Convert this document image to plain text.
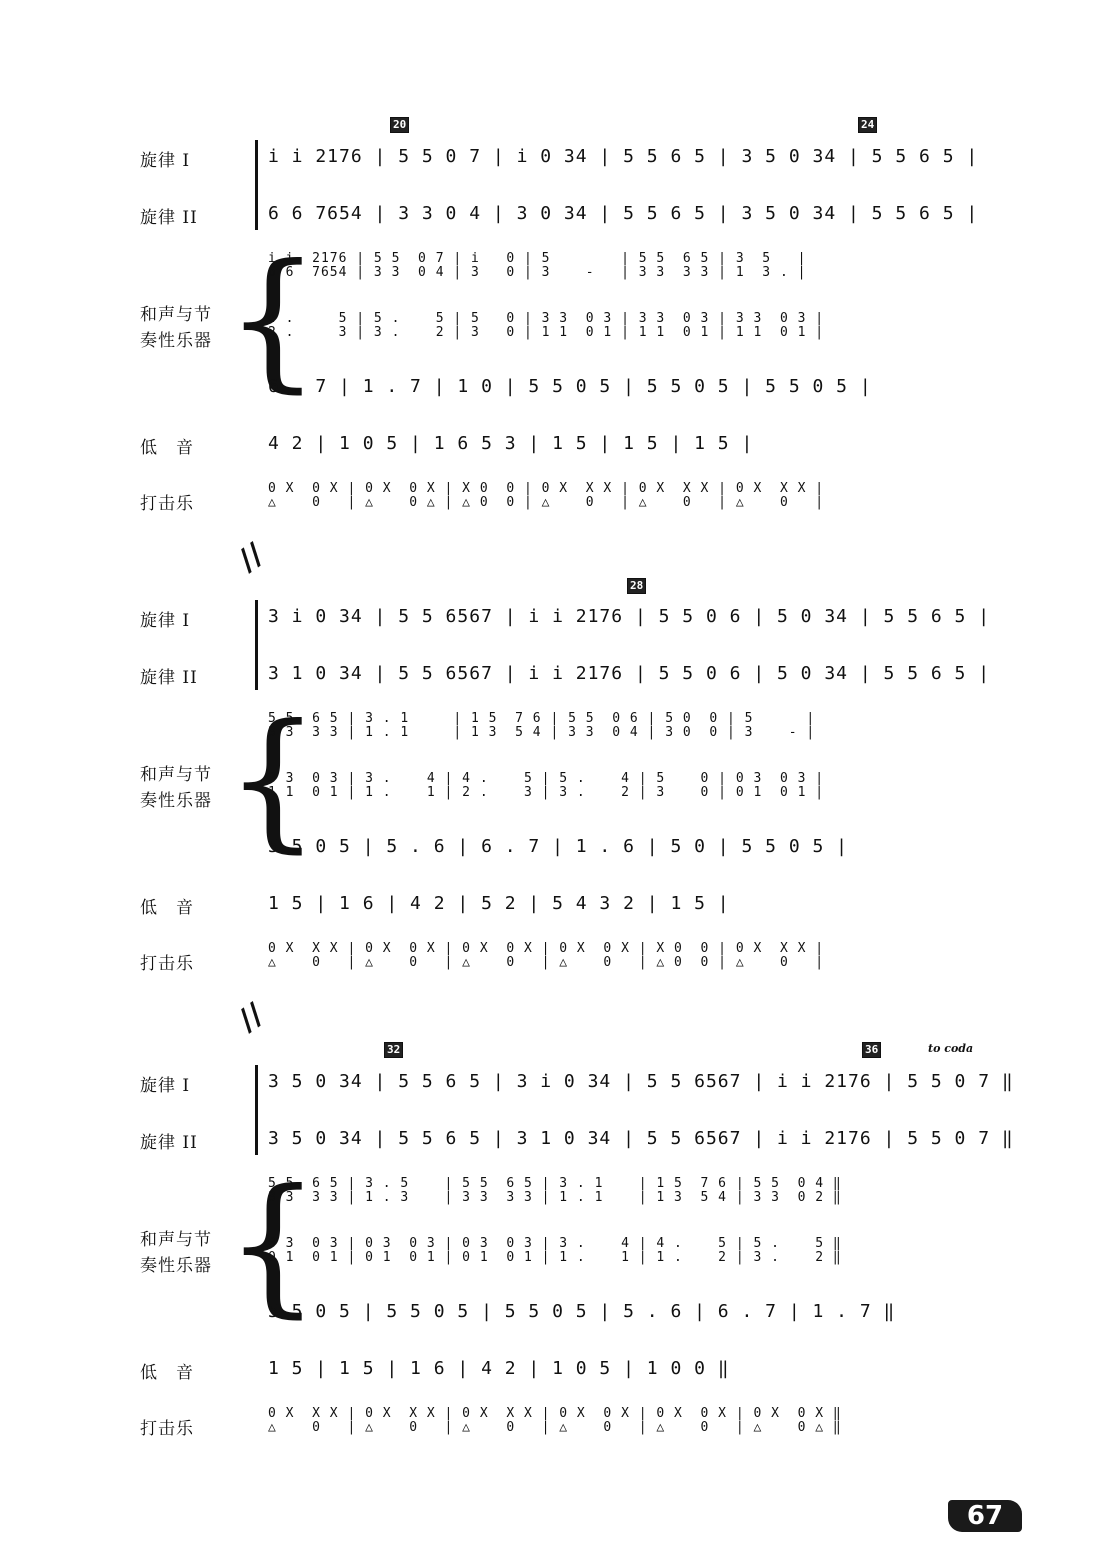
20	24
旋律 I	i i 2176 | 5 5 0 7 | i 0 34 | 5 5 6 5 | 3 5 0 34 | 5 5 6 5 |
旋律 II	6 6 7654 | 3 3 0 4 | 3 0 34 | 5 5 6 5 | 3 5 0 34 | 5 5 6 5 |
{
和声与节
奏性乐器
i i  2176 | 5 5  0 7 | i   0 | 5        | 5 5  6 5 | 3  5   |
6 6  7654 | 3 3  0 4 | 3   0 | 3    -   | 3 3  3 3 | 1  3 . |
4 .     5 | 5 .    5 | 5   0 | 3 3  0 3 | 3 3  0 3 | 3 3  0 3 |
2 .     3 | 3 .    2 | 3   0 | 1 1  0 1 | 1 1  0 1 | 1 1  0 1 |
6 . 7 | 1 . 7 | 1 0 | 5 5 0 5 | 5 5 0 5 | 5 5 0 5 |
低　音	4 2 | 1 0 5 | 1 6 5 3 | 1 5 | 1 5 | 1 5 |
打击乐
0 X  0 X | 0 X  0 X | X 0  0 | 0 X  X X | 0 X  X X | 0 X  X X |
△    0   | △    0 △ | △ 0  0 | △    0   | △    0   | △    0   |
//
28
旋律 I	3 i 0 34 | 5 5 6567 | i i 2176 | 5 5 0 6 | 5 0 34 | 5 5 6 5 |
旋律 II	3 1 0 34 | 5 5 6567 | i i 2176 | 5 5 0 6 | 5 0 34 | 5 5 6 5 |
{
和声与节
奏性乐器
5 5  6 5 | 3 . 1     | 1 5  7 6 | 5 5  0 6 | 5 0  0 | 5      |
3 3  3 3 | 1 . 1     | 1 3  5 4 | 3 3  0 4 | 3 0  0 | 3    - |
3 3  0 3 | 3 .    4 | 4 .    5 | 5 .    4 | 5    0 | 0 3  0 3 |
1 1  0 1 | 1 .    1 | 2 .    3 | 3 .    2 | 3    0 | 0 1  0 1 |
5 5 0 5 | 5 . 6 | 6 . 7 | 1 . 6 | 5 0 | 5 5 0 5 |
低　音	1 5 | 1 6 | 4 2 | 5 2 | 5 4 3 2 | 1 5 |
打击乐
0 X  X X | 0 X  0 X | 0 X  0 X | 0 X  0 X | X 0  0 | 0 X  X X |
△    0   | △    0   | △    0   | △    0   | △ 0  0 | △    0   |
//
32	36	to coda
旋律 I	3 5 0 34 | 5 5 6 5 | 3 i 0 34 | 5 5 6567 | i i 2176 | 5 5 0 7 ‖
旋律 II	3 5 0 34 | 5 5 6 5 | 3 1 0 34 | 5 5 6567 | i i 2176 | 5 5 0 7 ‖
{
和声与节
奏性乐器
5 5  6 5 | 3 . 5    | 5 5  6 5 | 3 . 1    | 1 5  7 6 | 5 5  0 4 ‖
3 3  3 3 | 1 . 3    | 3 3  3 3 | 1 . 1    | 1 3  5 4 | 3 3  0 2 ‖
0 3  0 3 | 0 3  0 3 | 0 3  0 3 | 3 .    4 | 4 .    5 | 5 .    5 ‖
0 1  0 1 | 0 1  0 1 | 0 1  0 1 | 1 .    1 | 1 .    2 | 3 .    2 ‖
5 5 0 5 | 5 5 0 5 | 5 5 0 5 | 5 . 6 | 6 . 7 | 1 . 7 ‖
低　音	1 5 | 1 5 | 1 6 | 4 2 | 1 0 5 | 1 0 0 ‖
打击乐
0 X  X X | 0 X  X X | 0 X  X X | 0 X  0 X | 0 X  0 X | 0 X  0 X ‖
△    0   | △    0   | △    0   | △    0   | △    0   | △    0 △ ‖
67
